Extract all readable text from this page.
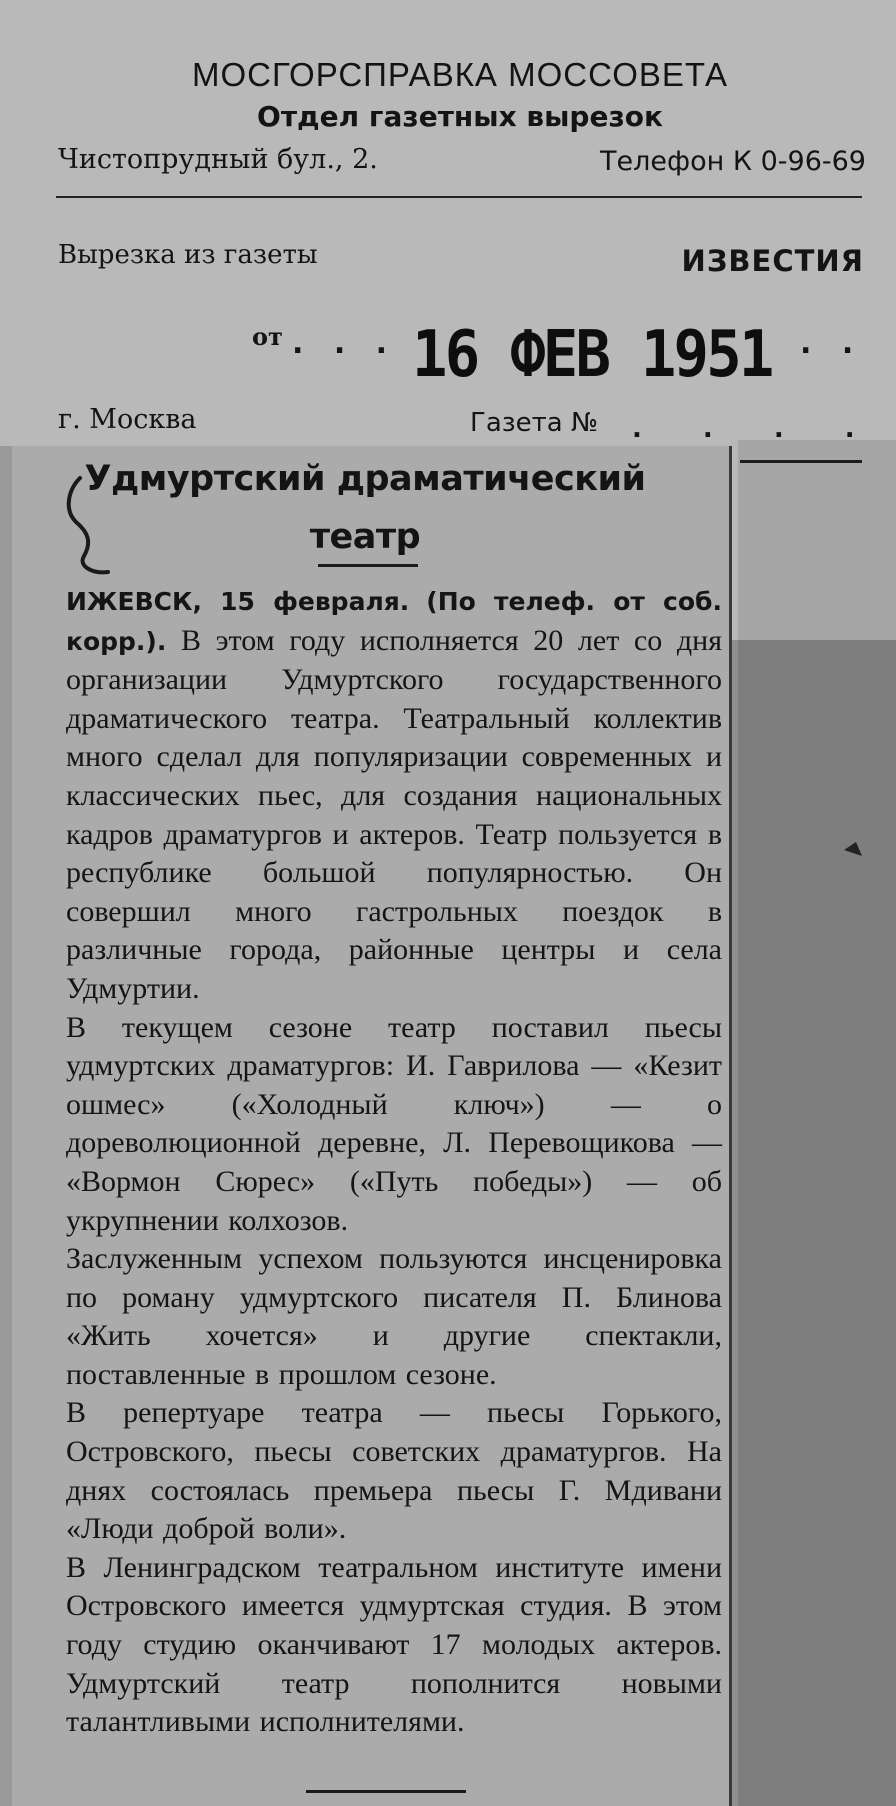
МОСГОРСПРАВКА МОССОВЕТА
Отдел газетных вырезок
Чистопрудный бул., 2.	Телефон К 0-96-69
Вырезка из газеты	ИЗВЕСТИЯ
от . . . 16 ФЕВ 1951 . .
г. Москва	Газета № . . . .
Удмуртский драматический театр

ИЖЕВСК, 15 февраля. (По телеф. от соб. корр.). В этом году исполняется 20 лет со дня организации Удмуртского государственного драматического театра. Театральный коллектив много сделал для популяризации современных и классических пьес, для создания национальных кадров драматургов и актеров. Театр пользуется в республике большой популярностью. Он совершил много гастрольных поездок в различные города, районные центры и села Удмуртии.

В текущем сезоне театр поставил пьесы удмуртских драматургов: И. Гаврилова — «Кезит ошмес» («Холодный ключ») — о дореволюционной деревне, Л. Перевощикова — «Вормон Сюрес» («Путь победы») — об укрупнении колхозов.

Заслуженным успехом пользуются инсценировка по роману удмуртского писателя П. Блинова «Жить хочется» и другие спектакли, поставленные в прошлом сезоне.

В репертуаре театра — пьесы Горького, Островского, пьесы советских драматургов. На днях состоялась премьера пьесы Г. Мдивани «Люди доброй воли».

В Ленинградском театральном институте имени Островского имеется удмуртская студия. В этом году студию оканчивают 17 молодых актеров. Удмуртский театр пополнится новыми талантливыми исполнителями.
